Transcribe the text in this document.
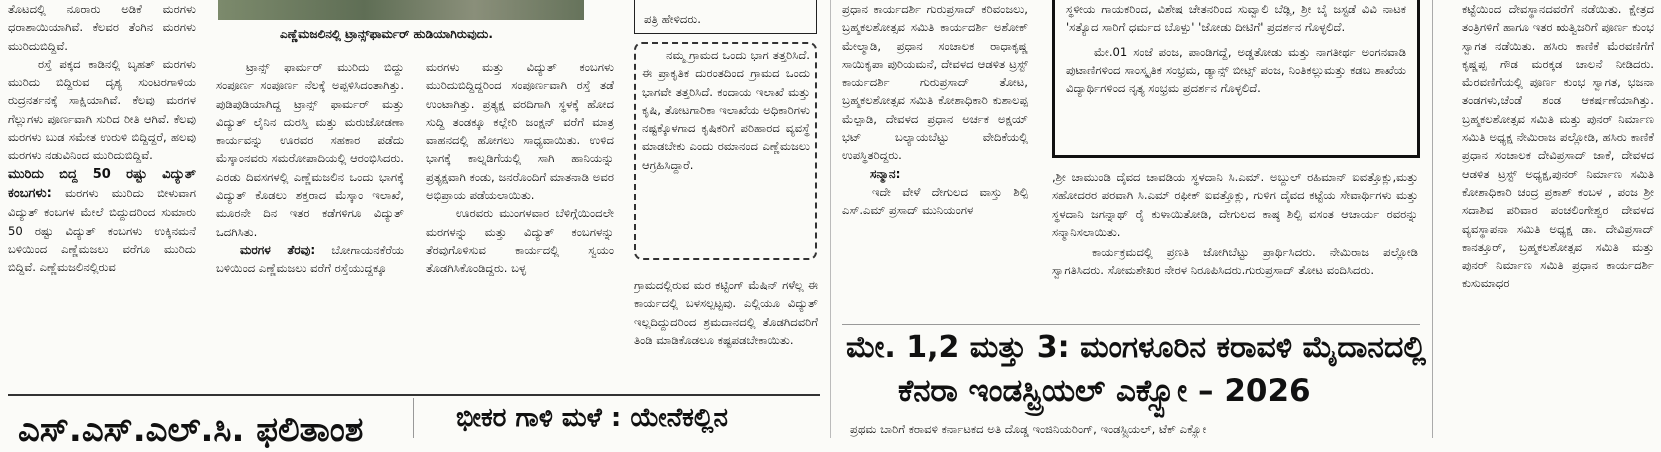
ತೊಟದಲ್ಲಿ ನೂರಾರು ಅಡಿಕೆ ಮರಗಳು ಧರಾಶಾಯಿಯಾಗಿವೆ. ಕೆಲವರ ತೆಂಗಿನ ಮರಗಳು ಮುರಿದುಬಿದ್ದಿವೆ.

ರಸ್ತೆ ಪಕ್ಕದ ಕಾಡಿನಲ್ಲಿ ಬೃಹತ್ ಮರಗಳು ಮುರಿದು ಬಿದ್ದಿರುವ ದೃಶ್ಯ ಸುಂಟರಗಾಳಿಯ ರುದ್ರನರ್ತನಕ್ಕೆ ಸಾಕ್ಷಿಯಾಗಿವೆ. ಕೆಲವು ಮರಗಳ ಗೆಲ್ಲುಗಳು ಪೂರ್ಣವಾಗಿ ಸುರಿದ ರೀತಿ ಆಗಿವೆ. ಕೆಲವು ಮರಗಳು ಬುಡ ಸಮೇತ ಉರುಳಿ ಬಿದ್ದಿದ್ದರೆ, ಹಲವು ಮರಗಳು ನಡುವಿನಿಂದ ಮುರಿದುಬಿದ್ದಿವೆ.

ಮುರಿದು ಬಿದ್ದ 50 ರಷ್ಟು ವಿದ್ಯುತ್ ಕಂಬಗಳು: ಮರಗಳು ಮುರಿದು ಬೀಳುವಾಗ ವಿದ್ಯುತ್ ಕಂಬಗಳ ಮೇಲೆ ಬಿದ್ದುದರಿಂದ ಸುಮಾರು 50 ರಷ್ಟು ವಿದ್ಯುತ್ ಕಂಬಗಳು ಉಕ್ಕಿನಮನೆ ಬಳಿಯಿಂದ ಎಣ್ಣೆಮಜಲು ವರೆಗೂ ಮುರಿದು ಬಿದ್ದಿವೆ. ಎಣ್ಣೆಮಜಲಿನಲ್ಲಿರುವ

ಎಣ್ಣೆಮಜಲಿನಲ್ಲಿ ಟ್ರಾನ್ಸ್‌ಫಾರ್ಮರ್ ಹುಡಿಯಾಗಿರುವುದು.

ಟ್ರಾನ್ಸ್ ಫಾರ್ಮರ್ ಮುರಿದು ಬಿದ್ದು ಸಂಪೂರ್ಣ ಸಂಪೂರ್ಣ ನೆಲಕ್ಕೆ ಅಪ್ಪಳಿಸಿದಂತಾಗಿತ್ತು. ಪುಡಿಪುಡಿಯಾಗಿದ್ದ ಟ್ರಾನ್ಸ್ ಫಾರ್ಮರ್ ಮತ್ತು ವಿದ್ಯುತ್ ಲೈನಿನ ದುರಸ್ತಿ ಮತ್ತು ಮರುಜೋಡಣಾ ಕಾರ್ಯವನ್ನು ಊರವರ ಸಹಕಾರ ಪಡೆದು ಮೆಸ್ಕಾಂನವರು ಸಮರೋಪಾದಿಯಲ್ಲಿ ಆರಂಭಿಸಿದರು. ಎರಡು ದಿವಸಗಳಲ್ಲಿ ಎಣ್ಣೆಮಜಲಿನ ಒಂದು ಭಾಗಕ್ಕೆ ವಿದ್ಯುತ್ ಕೊಡಲು ಶಕ್ತರಾದ ಮೆಸ್ಕಾಂ ಇಲಾಖೆ, ಮೂರನೇ ದಿನ ಇತರ ಕಡೆಗಳಿಗೂ ವಿದ್ಯುತ್ ಒದಗಿಸಿತು.

ಮರಗಳ ತೆರವು: ಬೋಗಾಯನಕೆರೆಯ ಬಳಿಯಿಂದ ಎಣ್ಣೆಮಜಲು ವರೆಗೆ ರಸ್ತೆಯುದ್ದಕ್ಕೂ

ಮರಗಳು ಮತ್ತು ವಿದ್ಯುತ್ ಕಂಬಗಳು ಮುರಿದುಬಿದ್ದಿದ್ದರಿಂದ ಸಂಪೂರ್ಣವಾಗಿ ರಸ್ತೆ ತಡೆ ಉಂಟಾಗಿತ್ತು. ಪ್ರತ್ಯಕ್ಷ ವರದಿಗಾಗಿ ಸ್ಥಳಕ್ಕೆ ಹೋದ ಸುದ್ದಿ ತಂಡಕ್ಕೂ ಕಲ್ಲೇರಿ ಜಂಕ್ಷನ್ ವರೆಗೆ ಮಾತ್ರ ವಾಹನದಲ್ಲಿ ಹೋಗಲು ಸಾಧ್ಯವಾಯಿತು. ಉಳಿದ ಭಾಗಕ್ಕೆ ಕಾಲ್ನಡಿಗೆಯಲ್ಲಿ ಸಾಗಿ ಹಾನಿಯನ್ನು ಪ್ರತ್ಯಕ್ಷವಾಗಿ ಕಂಡು, ಜನರೊಂದಿಗೆ ಮಾತನಾಡಿ ಅವರ ಅಭಿಪ್ರಾಯ ಪಡೆಯಲಾಯಿತು.

ಊರವರು ಮುಂಗಳವಾರ ಬೆಳಿಗ್ಗೆಯಿಂದಲೇ ಮರಗಳನ್ನು ಮತ್ತು ವಿದ್ಯುತ್ ಕಂಬಗಳನ್ನು ತೆರವುಗೊಳಿಸುವ ಕಾರ್ಯದಲ್ಲಿ ಸ್ವಯಂ ತೊಡಗಿಸಿಕೊಂಡಿದ್ದರು. ಬಳ್ಳ

ಪತ್ರಿ ಹೇಳಿದರು.
ನಮ್ಮ ಗ್ರಾಮದ ಒಂದು ಭಾಗ ತತ್ತರಿಸಿದೆ. ಈ ಪ್ರಾಕೃತಿಕ ದುರಂತದಿಂದ ಗ್ರಾಮದ ಒಂದು ಭಾಗವೇ ತತ್ತರಿಸಿದೆ. ಕಂದಾಯ ಇಲಾಖೆ ಮತ್ತು ಕೃಷಿ, ತೋಟಗಾರಿಕಾ ಇಲಾಖೆಯ ಅಧಿಕಾರಿಗಳು ನಷ್ಟಕ್ಕೊಳಗಾದ ಕೃಷಿಕರಿಗೆ ಪರಿಹಾರದ ವ್ಯವಸ್ಥೆ ಮಾಡಬೇಕು ಎಂದು ರಮಾನಂದ ಎಣ್ಣೆಮಜಲು ಆಗ್ರಹಿಸಿದ್ದಾರೆ.
ಗ್ರಾಮದಲ್ಲಿರುವ ಮರ ಕಟ್ಟಿಂಗ್ ಮೆಷಿನ್ ಗಳೆಲ್ಲ ಈ ಕಾರ್ಯದಲ್ಲಿ ಬಳಸಲ್ಪಟ್ಟವು. ಎಲ್ಲಿಯೂ ವಿದ್ಯುತ್ ಇಲ್ಲದಿದ್ದುದರಿಂದ ಶ್ರಮದಾನದಲ್ಲಿ ತೊಡಗಿದವರಿಗೆ ತಿಂಡಿ ಮಾಡಿಕೊಡಲೂ ಕಷ್ಟಪಡಬೇಕಾಯಿತು.

ಪ್ರಧಾನ ಕಾರ್ಯದರ್ಶಿ ಗುರುಪ್ರಸಾದ್ ಕರಿವಂಜಲು, ಬ್ರಹ್ಮಕಲಶೋತ್ಸವ ಸಮಿತಿ ಕಾರ್ಯದರ್ಶಿ ಅಶೋಕ್ ಮೇಲ್ಮಾಡಿ, ಪ್ರಧಾನ ಸಂಚಾಲಕ ರಾಧಾಕೃಷ್ಣ ಸಾಯಿಕೃಪಾ ಪುರಿಯಮನೆ, ದೇವಳದ ಆಡಳಿತ ಟ್ರಸ್ಟ್ ಕಾರ್ಯದರ್ಶಿ ಗುರುಪ್ರಸಾದ್ ತೋಟ, ಬ್ರಹ್ಮಕಲಶೋತ್ಸವ ಸಮಿತಿ ಕೋಶಾಧಿಕಾರಿ ಕುಶಾಲಪ್ಪ ಮೆಲ್ಪಾಡಿ, ದೇವಳದ ಪ್ರಧಾನ ಅರ್ಚಕ ಅಕ್ಷಯ್ ಭಟ್ ಬಲ್ಯಾಯಬೆಟ್ಟು ವೇದಿಕೆಯಲ್ಲಿ ಉಪಸ್ಥಿತರಿದ್ದರು.

ಸನ್ಮಾನ:

ಇದೇ ವೇಳೆ ದೇಗುಲದ ವಾಸ್ತು ಶಿಲ್ಪಿ ಎಸ್.ಎಮ್ ಪ್ರಸಾದ್ ಮುನಿಯಂಗಳ

ಸ್ಥಳೀಯ ಗಾಯಕರಿಂದ, ವಿಶೇಷ ಚೇತನರಿಂದ ಸುವ್ವಾಲಿ ಬೆಡ್ಲಿ, ಶ್ರೀ ಬೈ ಜಸ್ಟಡೆ ವಿವಿ ನಾಟಕ 'ಸತ್ಯೊದ ಸಾರಿಗೆ ಧರ್ಮದ ಬೊಳ್ಪು' 'ಜೋಡು ದೀಟಿಗೆ' ಪ್ರದರ್ಶನ ಗೊಳ್ಳಲಿದೆ.

ಮೇ.01 ಸಂಜೆ ಪಂಜ, ಪಾಂಡಿಗದ್ದೆ, ಅಡ್ಡತೋಡು ಮತ್ತು ನಾಗತೀರ್ಥ ಅಂಗನವಾಡಿ ಪುಟಾಣಿಗಳಿಂದ ಸಾಂಸ್ಕೃತಿಕ ಸಂಭ್ರಮ, ಡ್ಯಾನ್ಸ್ ಬೀಟ್ಸ್ ಪಂಜ, ನಿಂತಿಕಲ್ಲುಮತ್ತು ಕಡಬ ಶಾಖೆಯ ವಿದ್ಯಾರ್ಥಿಗಳಿಂದ ನೃತ್ಯ ಸಂಭ್ರಮ ಪ್ರದರ್ಶನ ಗೊಳ್ಳಲಿದೆ.

,ಶ್ರೀ ಚಾಮುಂಡಿ ದೈವದ ಚಾವಡಿಯ ಸ್ಥಳದಾನಿ ಸಿ.ಎಮ್. ಅಬ್ದುಲ್ ರಹಿಮಾನ್ ಐವತ್ತೊಕ್ಲು,ಮತ್ತು ಸಹೋದರರ ಪರವಾಗಿ ಸಿ.ಎಮ್ ರಫೀಕ್ ಐವತ್ತೊಕ್ಲು, ಗುಳಿಗ ದೈವದ ಕಟ್ಟೆಯ ಸೇವಾರ್ಥಿಗಳು ಮತ್ತು ಸ್ಥಳದಾನಿ ಜಗನ್ನಾಥ್ ರೈ ಕುಳಾಯಿತೋಡಿ, ದೇಗುಲದ ಕಾಷ್ಠ ಶಿಲ್ಪಿ ವಸಂತ ಆಚಾರ್ಯ ರವರನ್ನು ಸನ್ಮಾನಿಸಲಾಯಿತು.

ಕಾರ್ಯಕ್ರಮದಲ್ಲಿ ಪ್ರಣತಿ ಜೋಗಿಬೆಟ್ಟು ಪ್ರಾರ್ಥಿಸಿದರು. ನೇಮಿರಾಜ ಪಲ್ಲೋಡಿ ಸ್ವಾಗತಿಸಿದರು. ಸೋಮಶೇಖರ ನೇರಳ ನಿರೂಪಿಸಿದರು.ಗುರುಪ್ರಸಾದ್ ತೋಟ ವಂದಿಸಿದರು.

ಮೇ. 1,2 ಮತ್ತು 3: ಮಂಗಳೂರಿನ ಕರಾವಳಿ ಮೈದಾನದಲ್ಲಿ
ಕೆನರಾ ಇಂಡಸ್ಟ್ರಿಯಲ್ ಎಕ್ಸ್ಪೋ – 2026
ಪ್ರಥಮ ಬಾರಿಗೆ ಕರಾವಳಿ ಕರ್ನಾಟಕದ ಅತಿ ದೊಡ್ಡ ಇಂಜಿನಿಯರಿಂಗ್, ಇಂಡಸ್ಟ್ರಿಯಲ್, ಟೆಕ್ ಎಕ್ಸ್ಪೋ
ಕಟ್ಟೆಯಿಂದ ದೇವಸ್ಥಾನದವರೆಗೆ ನಡೆಯಿತು. ಕ್ಷೇತ್ರದ ತಂತ್ರಿಗಳಿಗೆ ಹಾಗೂ ಇತರ ಋತ್ವಿಜರಿಗೆ ಪೂರ್ಣ ಕುಂಭ ಸ್ವಾಗತ ನಡೆಯಿತು. ಹಸಿರು ಕಾಣಿಕೆ ಮೆರವಣಿಗೆಗೆ ಕೃಷ್ಣಪ್ಪ ಗೌಡ ಮರಕ್ಕಡ ಚಾಲನೆ ನೀಡಿದರು. ಮೆರವಣಿಗೆಯಲ್ಲಿ ಪೂರ್ಣ ಕುಂಭ ಸ್ವಾಗತ, ಭಜನಾ ತಂಡಗಳು,ಚೆಂಡೆ ಶಂಡ ಆಕರ್ಷಣೆಯಾಗಿತ್ತು. ಬ್ರಹ್ಮಕಲಶೋತ್ಸವ ಸಮಿತಿ ಮತ್ತು ಪುನರ್ ನಿರ್ಮಾಣ ಸಮಿತಿ ಅಧ್ಯಕ್ಷ ನೇಮಿರಾಜ ಪಲ್ಲೋಡಿ, ಹಸಿರು ಕಾಣಿಕೆ ಪ್ರಧಾನ ಸಂಚಾಲಕ ದೇವಿಪ್ರಸಾದ್ ಜಾಕೆ, ದೇವಳದ ಆಡಳಿತ ಟ್ರಸ್ಟ್ ಅಧ್ಯಕ್ಷ,ಪುನರ್ ನಿರ್ಮಾಣ ಸಮಿತಿ ಕೋಶಾಧಿಕಾರಿ ಚಂದ್ರ ಪ್ರಕಾಶ್ ಕಂಬಳ , ಪಂಜ ಶ್ರೀ ಸದಾಶಿವ ಪರಿವಾರ ಪಂಚಲಿಂಗೇಶ್ವರ ದೇವಳದ ವ್ಯವಸ್ಥಾಪನಾ ಸಮಿತಿ ಅಧ್ಯಕ್ಷ ಡಾ. ದೇವಿಪ್ರಸಾದ್ ಕಾನತ್ತೂರ್, ಬ್ರಹ್ಮಕಲಶೋತ್ಸವ ಸಮಿತಿ ಮತ್ತು ಪುನರ್ ನಿರ್ಮಾಣ ಸಮಿತಿ ಪ್ರಧಾನ ಕಾರ್ಯದರ್ಶಿ ಕುಸುಮಾಧರ
ಎಸ್.ಎಸ್.ಎಲ್.ಸಿ. ಫಲಿತಾಂಶ	ಭೀಕರ ಗಾಳಿ ಮಳೆ : ಯೇನೆಕಲ್ಲಿನ
